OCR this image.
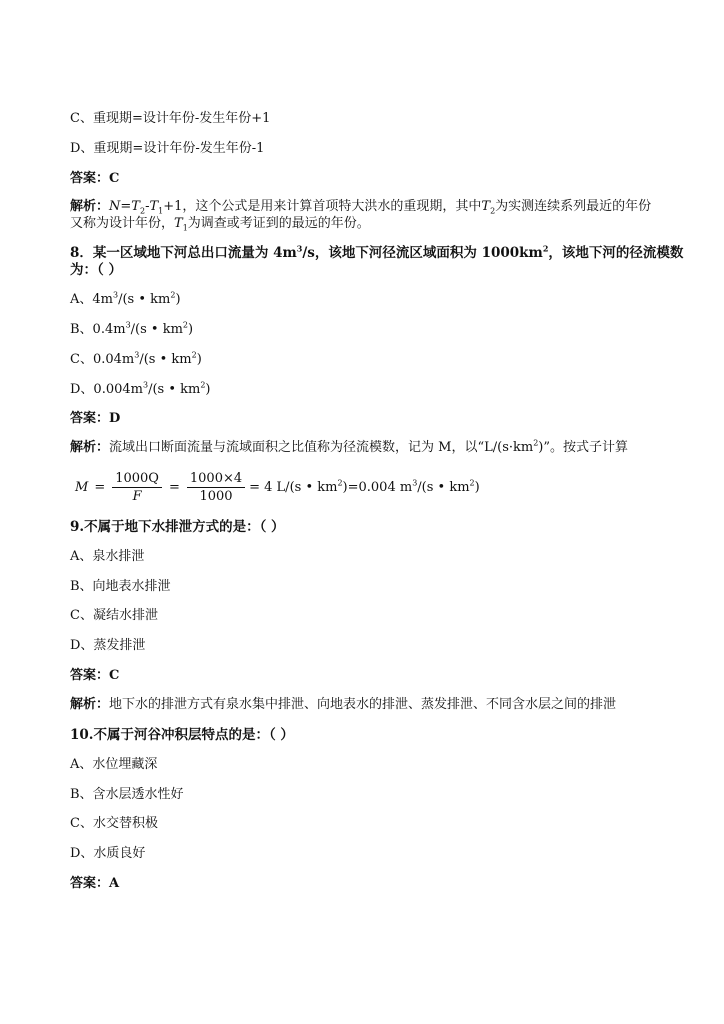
C、重现期=设计年份-发生年份+1
D、重现期=设计年份-发生年份-1
答案：C
解析：$N=T_2-T_1+1$，这个公式是用来计算首项特大洪水的重现期，其中$T_2$为实测连续系列最近的年份
又称为设计年份，$T_1$为调查或考证到的最远的年份。
8．某一区域地下河总出口流量为 $4m^3/s$，该地下河径流区域面积为 $1000km^2$，该地下河的径流模数
为：（ ）
A、$4m^3/(s$ • $km^2$)
B、$0.4m^3/(s$ • $km^2$)
C、$0.04m^3/(s$ • $km^2$)
D、$0.004m^3/(s$ • $km^2$)
答案：D
解析：流域出口断面流量与流域面积之比值称为径流模数，记为 M，以“$L/(s\cdot km^2)$”。按式子计算
$M = \frac{1000Q}{F} = \frac{1000\times 4}{1000} = 4$ L/(s • $km^2)=0.004$ $m^3/(s$ • $km^2$)
9.不属于地下水排泄方式的是：（ ）
A、泉水排泄
B、向地表水排泄
C、凝结水排泄
D、蒸发排泄
答案：C
解析：地下水的排泄方式有泉水集中排泄、向地表水的排泄、蒸发排泄、不同含水层之间的排泄
10.不属于河谷冲积层特点的是：（ ）
A、水位埋藏深
B、含水层透水性好
C、水交替积极
D、水质良好
答案：A
